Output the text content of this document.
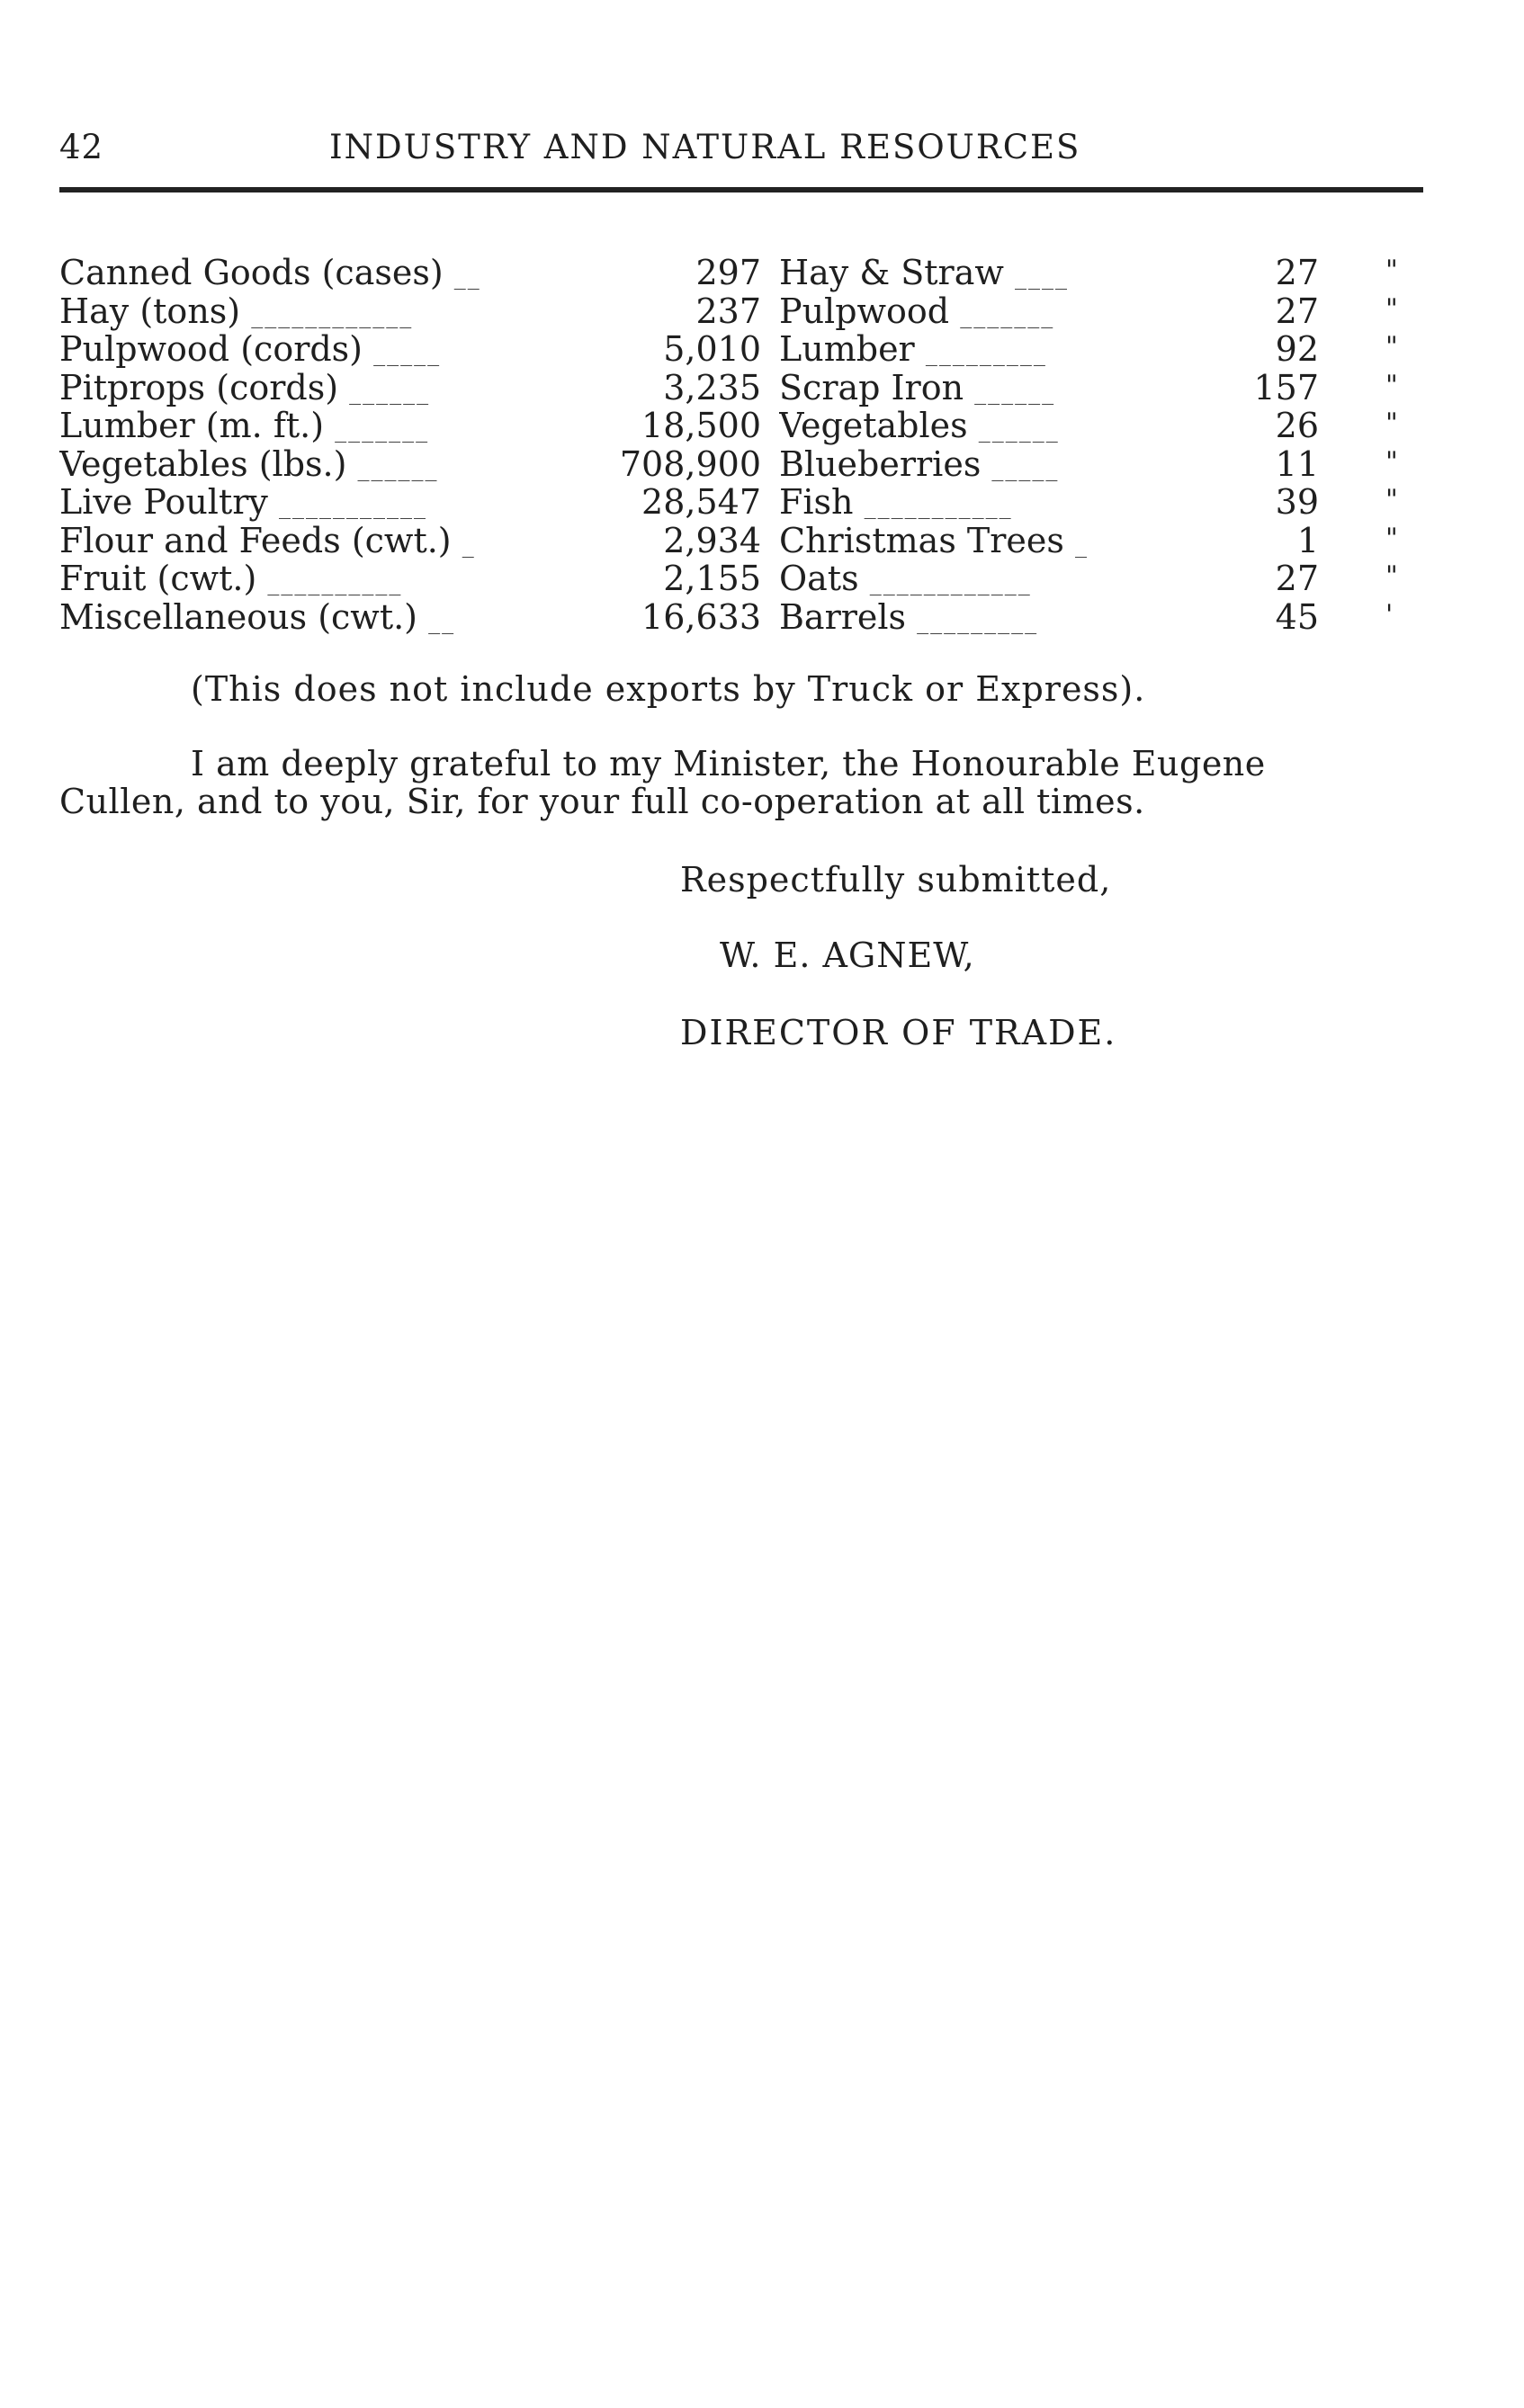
42	INDUSTRY AND NATURAL RESOURCES
Canned Goods (cases) __	297 Hay & Straw ____	27 "
Hay (tons) ____________	237 Pulpwood _______	27 "
Pulpwood (cords) _____	5,010 Lumber _________	92 "
Pitprops (cords) ______	3,235 Scrap Iron ______	157 "
Lumber (m. ft.) _______	18,500 Vegetables ______	26 "
Vegetables (lbs.) ______	708,900 Blueberries _____	11 "
Live Poultry ___________	28,547 Fish ___________	39 "
Flour and Feeds (cwt.) _	2,934 Christmas Trees _	1 "
Fruit (cwt.) __________	2,155 Oats ____________	27 "
Miscellaneous (cwt.) __	16,633 Barrels _________	45 '
(This does not include exports by Truck or Express).
I am deeply grateful to my Minister, the Honourable Eugene
Cullen, and to you, Sir, for your full co-operation at all times.
Respectfully submitted,
W. E. AGNEW,
DIRECTOR OF TRADE.
